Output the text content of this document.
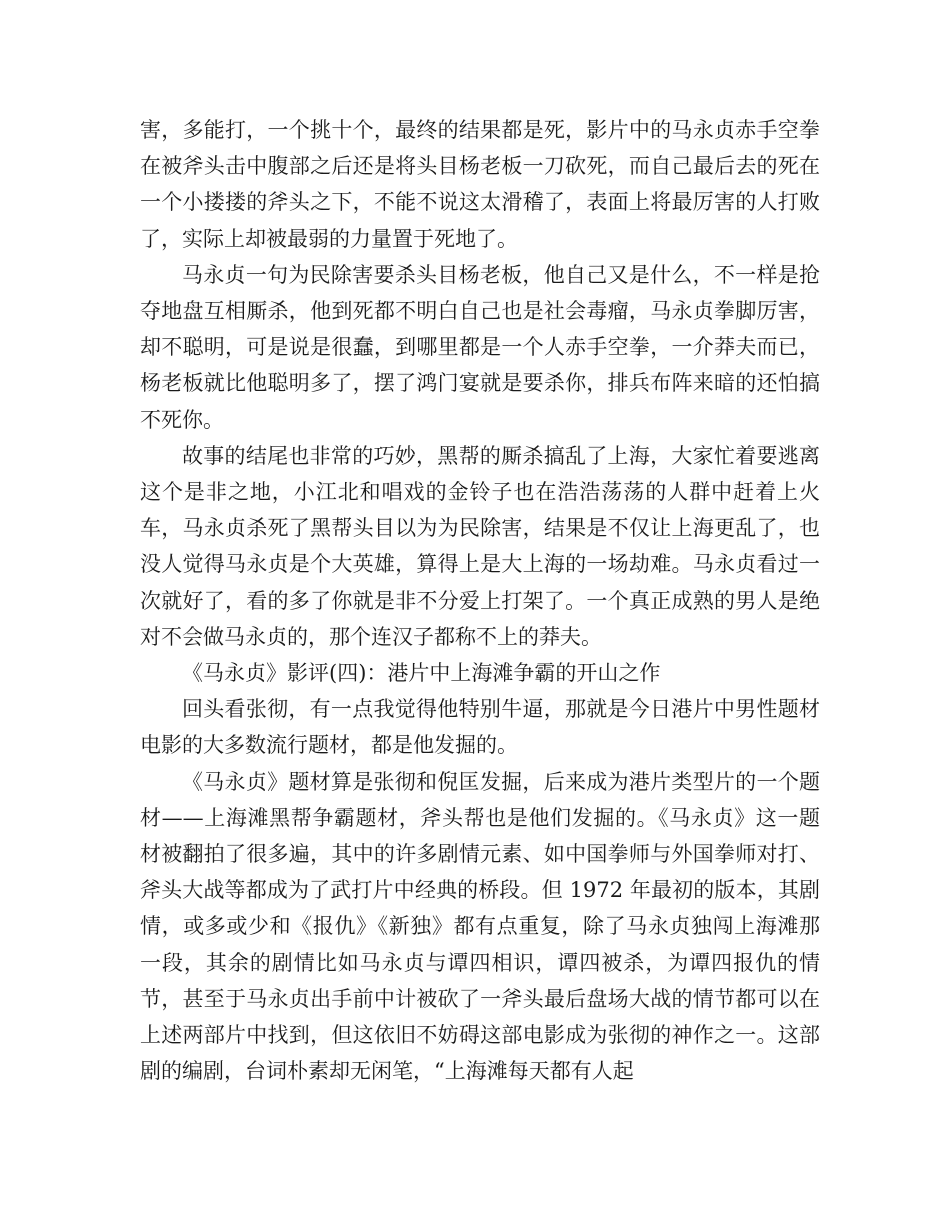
害，多能打，一个挑十个，最终的结果都是死，影片中的马永贞赤手空拳在被斧头击中腹部之后还是将头目杨老板一刀砍死，而自己最后去的死在一个小搂搂的斧头之下，不能不说这太滑稽了，表面上将最厉害的人打败了，实际上却被最弱的力量置于死地了。

马永贞一句为民除害要杀头目杨老板，他自己又是什么，不一样是抢夺地盘互相厮杀，他到死都不明白自己也是社会毒瘤，马永贞拳脚厉害，却不聪明，可是说是很蠢，到哪里都是一个人赤手空拳，一介莽夫而已，杨老板就比他聪明多了，摆了鸿门宴就是要杀你，排兵布阵来暗的还怕搞不死你。

故事的结尾也非常的巧妙，黑帮的厮杀搞乱了上海，大家忙着要逃离这个是非之地，小江北和唱戏的金铃子也在浩浩荡荡的人群中赶着上火车，马永贞杀死了黑帮头目以为为民除害，结果是不仅让上海更乱了，也没人觉得马永贞是个大英雄，算得上是大上海的一场劫难。马永贞看过一次就好了，看的多了你就是非不分爱上打架了。一个真正成熟的男人是绝对不会做马永贞的，那个连汉子都称不上的莽夫。

《马永贞》影评(四)：港片中上海滩争霸的开山之作

回头看张彻，有一点我觉得他特别牛逼，那就是今日港片中男性题材电影的大多数流行题材，都是他发掘的。

《马永贞》题材算是张彻和倪匡发掘，后来成为港片类型片的一个题材——上海滩黑帮争霸题材，斧头帮也是他们发掘的。《马永贞》这一题材被翻拍了很多遍，其中的许多剧情元素、如中国拳师与外国拳师对打、斧头大战等都成为了武打片中经典的桥段。但 1972 年最初的版本，其剧情，或多或少和《报仇》《新独》都有点重复，除了马永贞独闯上海滩那一段，其余的剧情比如马永贞与谭四相识，谭四被杀，为谭四报仇的情节，甚至于马永贞出手前中计被砍了一斧头最后盘场大战的情节都可以在上述两部片中找到，但这依旧不妨碍这部电影成为张彻的神作之一。这部剧的编剧，台词朴素却无闲笔，“上海滩每天都有人起
